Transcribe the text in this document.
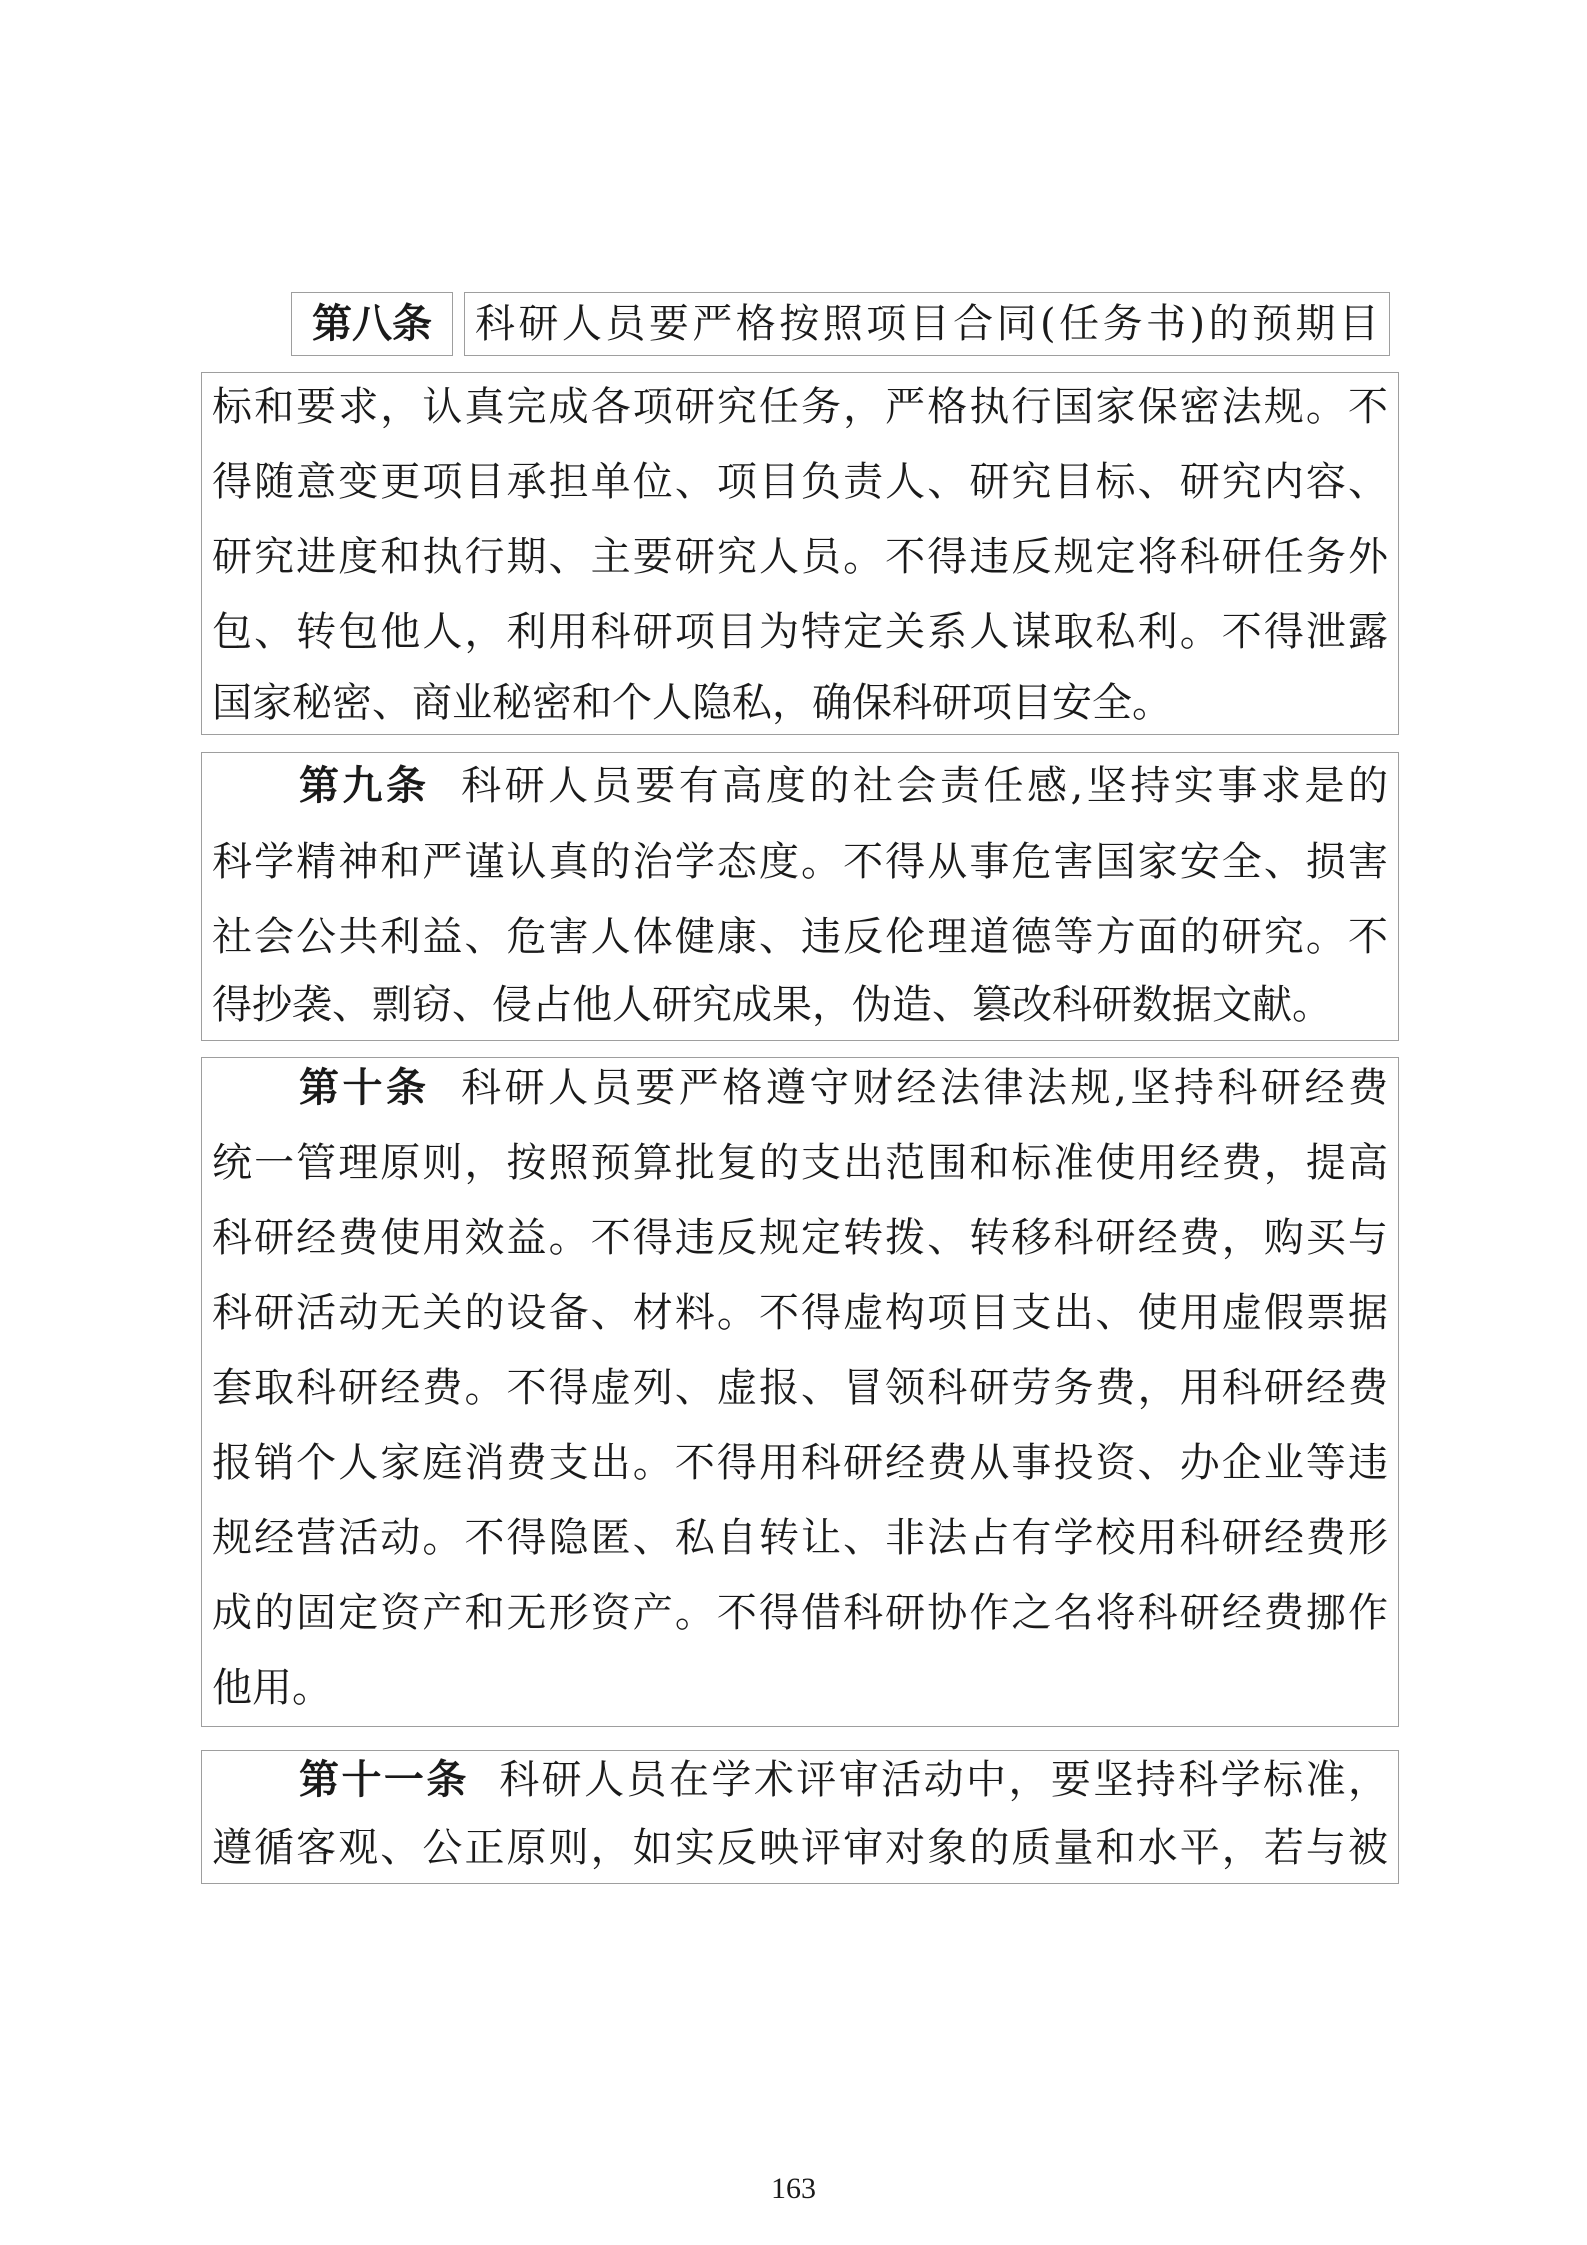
第八条	科研人员要严格按照项目合同(任务书)的预期目
标和要求，认真完成各项研究任务，严格执行国家保密法规。不
得随意变更项目承担单位、项目负责人、研究目标、研究内容、
研究进度和执行期、主要研究人员。不得违反规定将科研任务外
包、转包他人，利用科研项目为特定关系人谋取私利。不得泄露
国家秘密、商业秘密和个人隐私，确保科研项目安全。
第九条 科研人员要有高度的社会责任感,坚持实事求是的
科学精神和严谨认真的治学态度。不得从事危害国家安全、损害
社会公共利益、危害人体健康、违反伦理道德等方面的研究。不
得抄袭、剽窃、侵占他人研究成果，伪造、篡改科研数据文献。
第十条 科研人员要严格遵守财经法律法规,坚持科研经费
统一管理原则，按照预算批复的支出范围和标准使用经费，提高
科研经费使用效益。不得违反规定转拨、转移科研经费，购买与
科研活动无关的设备、材料。不得虚构项目支出、使用虚假票据
套取科研经费。不得虚列、虚报、冒领科研劳务费，用科研经费
报销个人家庭消费支出。不得用科研经费从事投资、办企业等违
规经营活动。不得隐匿、私自转让、非法占有学校用科研经费形
成的固定资产和无形资产。不得借科研协作之名将科研经费挪作
他用。
第十一条 科研人员在学术评审活动中，要坚持科学标准，
遵循客观、公正原则，如实反映评审对象的质量和水平，若与被
163
